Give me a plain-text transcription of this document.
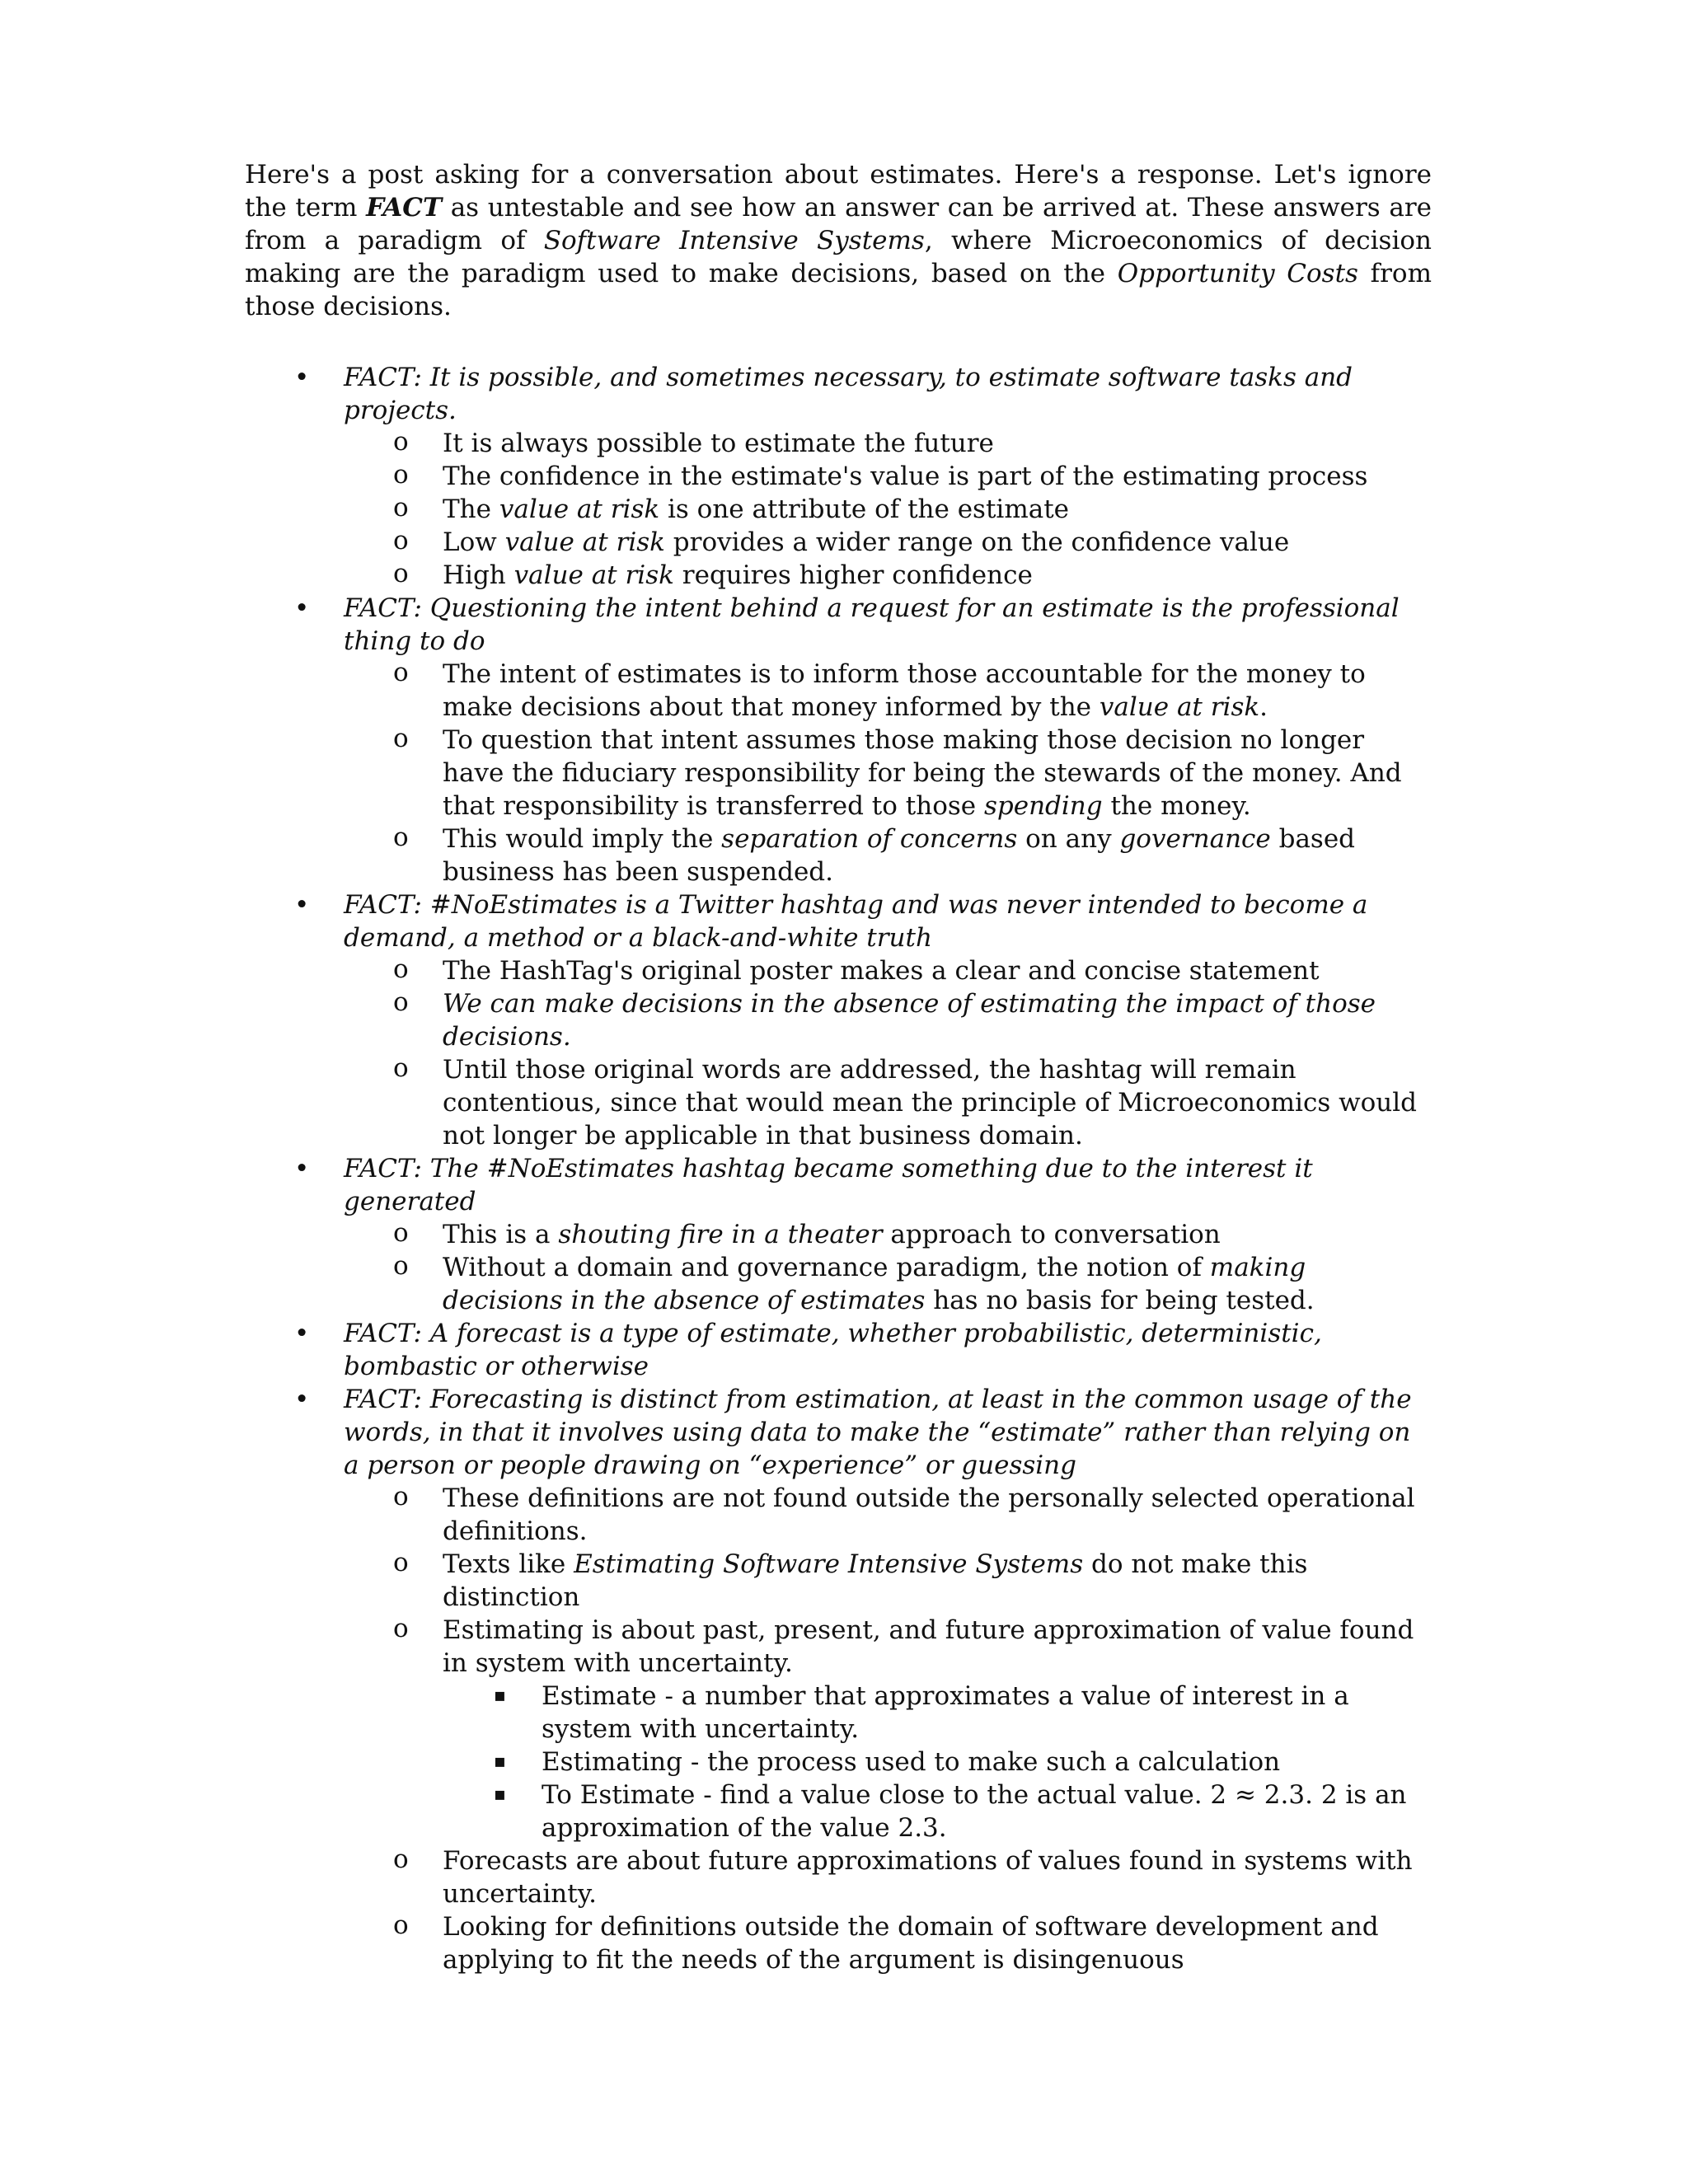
Here's a post asking for a conversation about estimates. Here's a response. Let's ignore the term FACT as untestable and see how an answer can be arrived at. These answers are from a paradigm of Software Intensive Systems, where Microeconomics of decision making are the paradigm used to make decisions, based on the Opportunity Costs from those decisions.

• FACT: It is possible, and sometimes necessary, to estimate software tasks and projects.
o It is always possible to estimate the future
o The confidence in the estimate's value is part of the estimating process
o The value at risk is one attribute of the estimate
o Low value at risk provides a wider range on the confidence value
o High value at risk requires higher confidence
• FACT: Questioning the intent behind a request for an estimate is the professional thing to do
o The intent of estimates is to inform those accountable for the money to make decisions about that money informed by the value at risk.
o To question that intent assumes those making those decision no longer have the fiduciary responsibility for being the stewards of the money. And that responsibility is transferred to those spending the money.
o This would imply the separation of concerns on any governance based business has been suspended.
• FACT: #NoEstimates is a Twitter hashtag and was never intended to become a demand, a method or a black-and-white truth
o The HashTag's original poster makes a clear and concise statement
o We can make decisions in the absence of estimating the impact of those decisions.
o Until those original words are addressed, the hashtag will remain contentious, since that would mean the principle of Microeconomics would not longer be applicable in that business domain.
• FACT: The #NoEstimates hashtag became something due to the interest it generated
o This is a shouting fire in a theater approach to conversation
o Without a domain and governance paradigm, the notion of making decisions in the absence of estimates has no basis for being tested.
• FACT: A forecast is a type of estimate, whether probabilistic, deterministic, bombastic or otherwise
• FACT: Forecasting is distinct from estimation, at least in the common usage of the words, in that it involves using data to make the “estimate” rather than relying on a person or people drawing on “experience” or guessing
o These definitions are not found outside the personally selected operational definitions.
o Texts like Estimating Software Intensive Systems do not make this distinction
o Estimating is about past, present, and future approximation of value found in system with uncertainty.
▪ Estimate - a number that approximates a value of interest in a system with uncertainty.
▪ Estimating - the process used to make such a calculation
▪ To Estimate - find a value close to the actual value. 2 ≈ 2.3. 2 is an approximation of the value 2.3.
o Forecasts are about future approximations of values found in systems with uncertainty.
o Looking for definitions outside the domain of software development and applying to fit the needs of the argument is disingenuous
